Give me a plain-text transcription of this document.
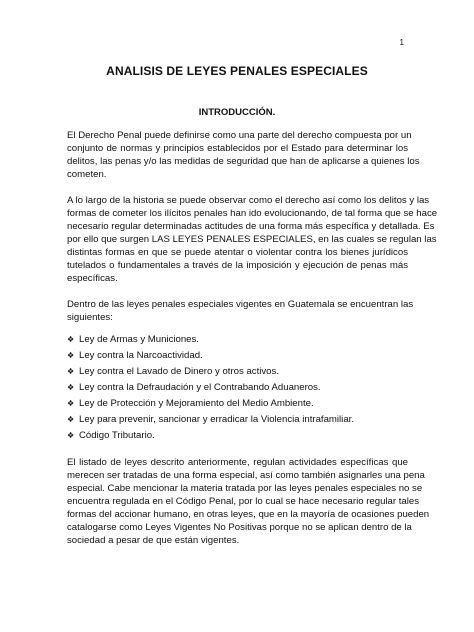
1
ANALISIS DE LEYES PENALES ESPECIALES
INTRODUCCIÓN.
El Derecho Penal puede definirse como una parte del derecho compuesta por un
conjunto de normas y principios establecidos por el Estado para determinar los
delitos, las penas y/o las medidas de seguridad que han de aplicarse a quienes los
cometen.
A lo largo de la historia se puede observar como el derecho así como los delitos y las
formas de cometer los ilícitos penales han ido evolucionando, de tal forma que se hace
necesario regular determinadas actitudes de una forma más específica y detallada. Es
por ello que surgen LAS LEYES PENALES ESPECIALES, en las cuales se regulan las
distintas formas en que se puede atentar o violentar contra los bienes jurídicos
tutelados o fundamentales a través de la imposición y ejecución de penas más
específicas.
Dentro de las leyes penales especiales vigentes en Guatemala se encuentran las
siguientes:
❖ Ley de Armas y Municiones.
❖ Ley contra la Narcoactividad.
❖ Ley contra el Lavado de Dinero y otros activos.
❖ Ley contra la Defraudación y el Contrabando Aduaneros.
❖ Ley de Protección y Mejoramiento del Medio Ambiente.
❖ Ley para prevenir, sancionar y erradicar la Violencia intrafamiliar.
❖ Código Tributario.
El listado de leyes descrito anteriormente, regulan actividades específicas que
merecen ser tratadas de una forma especial, así como también asignarles una pena
especial. Cabe mencionar la materia tratada por las leyes penales especiales no se
encuentra regulada en el Código Penal, por lo cual se hace necesario regular tales
formas del accionar humano, en otras leyes, que en la mayoría de ocasiones pueden
catalogarse como Leyes Vigentes No Positivas porque no se aplican dentro de la
sociedad a pesar de que están vigentes.
